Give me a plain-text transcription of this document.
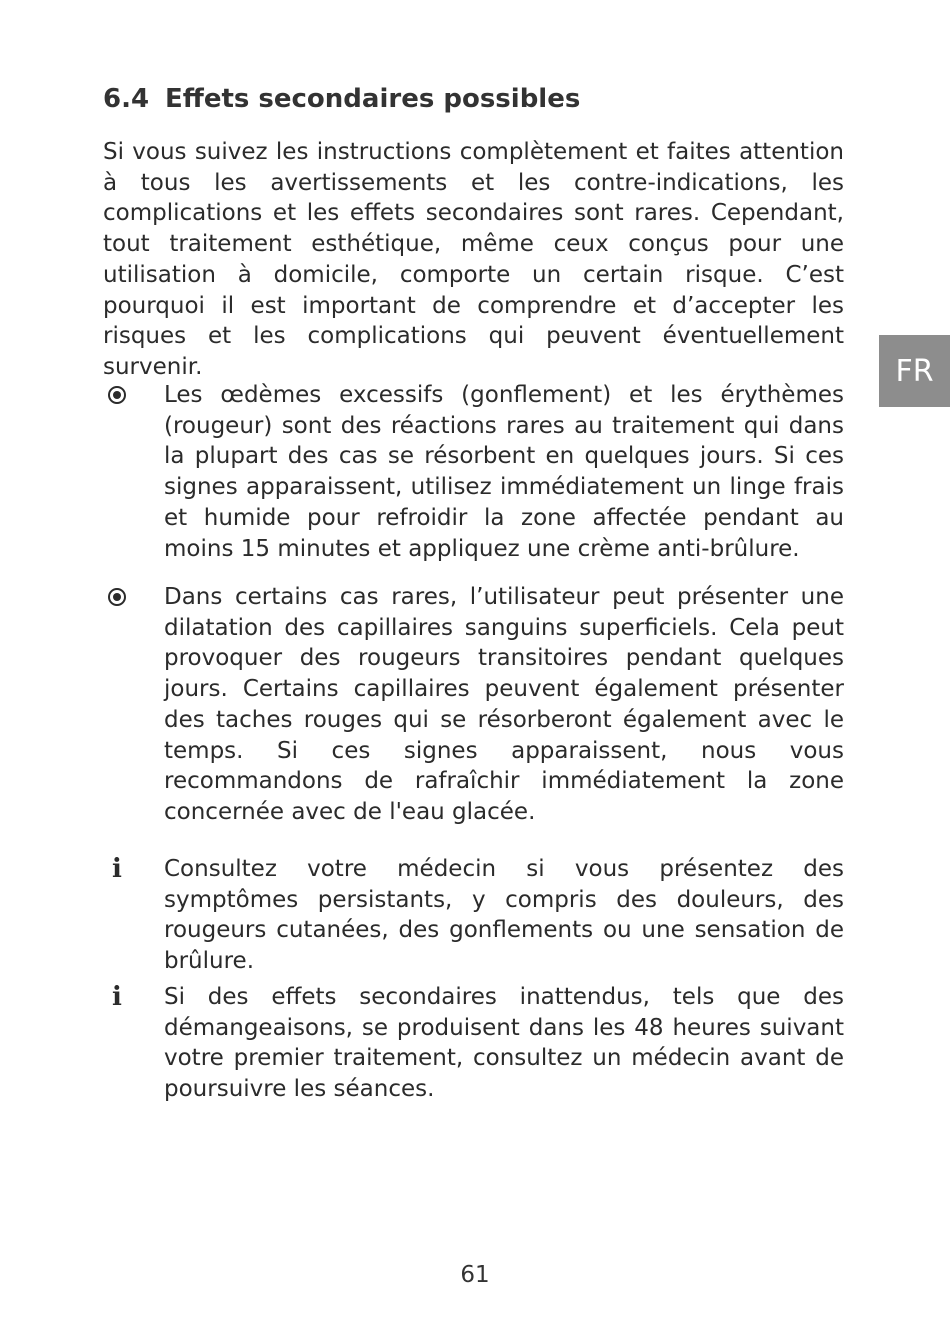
6.4 Effets secondaires possibles

Si vous suivez les instructions complètement et faites attention à tous les avertissements et les contre-indications, les complications et les effets secondaires sont rares. Cependant, tout traitement esthétique, même ceux conçus pour une utilisation à domicile, comporte un certain risque. C’est pourquoi il est important de comprendre et d’accepter les risques et les complications qui peuvent éventuellement survenir.	FR

Les œdèmes excessifs (gonflement) et les érythèmes (rougeur) sont des réactions rares au traitement qui dans la plupart des cas se résorbent en quelques jours. Si ces signes apparaissent, utilisez immédiatement un linge frais et humide pour refroidir la zone affectée pendant au moins 15 minutes et appliquez une crème anti-brûlure.

Dans certains cas rares, l’utilisateur peut présenter une dilatation des capillaires sanguins superficiels. Cela peut provoquer des rougeurs transitoires pendant quelques jours. Certains capillaires peuvent également présenter des taches rouges qui se résorberont également avec le temps. Si ces signes apparaissent, nous vous recommandons de rafraîchir immédiatement la zone concernée avec de l'eau glacée.

i	Consultez votre médecin si vous présentez des symptômes persistants, y compris des douleurs, des rougeurs cutanées, des gonflements ou une sensation de brûlure.

i	Si des effets secondaires inattendus, tels que des démangeaisons, se produisent dans les 48 heures suivant votre premier traitement, consultez un médecin avant de poursuivre les séances.

61
